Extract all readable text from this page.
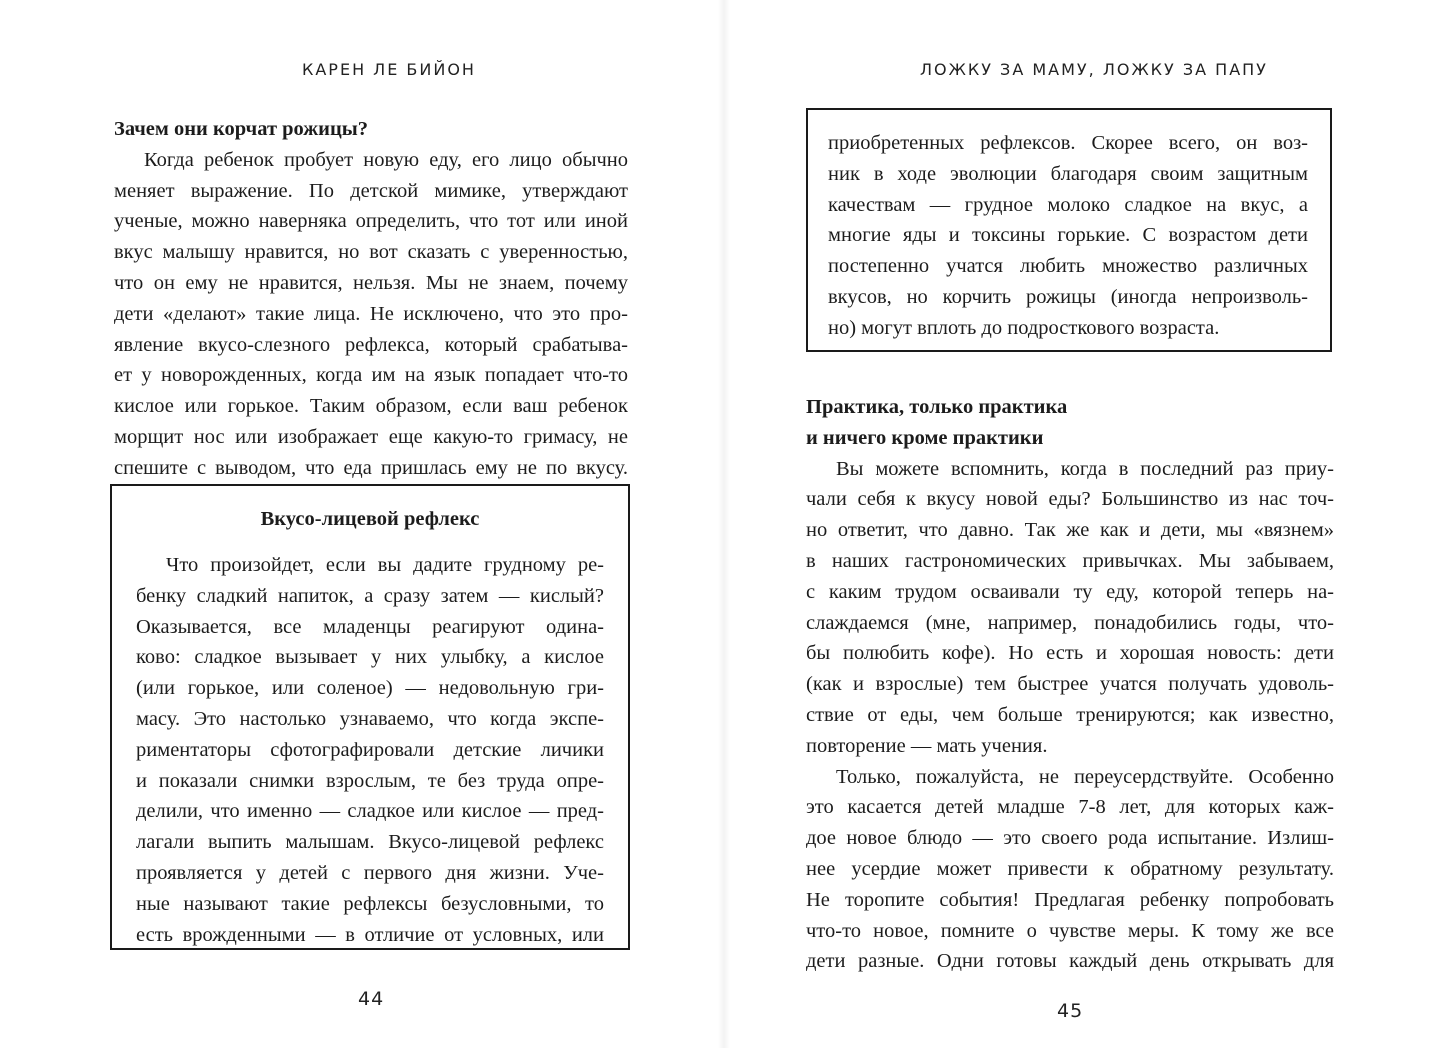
КАРЕН ЛЕ БИЙОН
Зачем они корчат рожицы?
Когда ребенок пробует новую еду, его лицо обычно
меняет выражение. По детской мимике, утверждают
ученые, можно наверняка определить, что тот или иной
вкус малышу нравится, но вот сказать с уверенностью,
что он ему не нравится, нельзя. Мы не знаем, почему
дети «делают» такие лица. Не исключено, что это про-
явление вкусо-слезного рефлекса, который срабатыва-
ет у новорожденных, когда им на язык попадает что-то
кислое или горькое. Таким образом, если ваш ребенок
морщит нос или изображает еще какую-то гримасу, не
спешите с выводом, что еда пришлась ему не по вкусу.
Вкусо-лицевой рефлекс
Что произойдет, если вы дадите грудному ре-
бенку сладкий напиток, а сразу затем — кислый?
Оказывается, все младенцы реагируют одина-
ково: сладкое вызывает у них улыбку, а кислое
(или горькое, или соленое) — недовольную гри-
масу. Это настолько узнаваемо, что когда экспе-
риментаторы сфотографировали детские личики
и показали снимки взрослым, те без труда опре-
делили, что именно — сладкое или кислое — пред-
лагали выпить малышам. Вкусо-лицевой рефлекс
проявляется у детей с первого дня жизни. Уче-
ные называют такие рефлексы безусловными, то
есть врожденными — в отличие от условных, или
44
ЛОЖКУ ЗА МАМУ, ЛОЖКУ ЗА ПАПУ
приобретенных рефлексов. Скорее всего, он воз-
ник в ходе эволюции благодаря своим защитным
качествам — грудное молоко сладкое на вкус, а
многие яды и токсины горькие. С возрастом дети
постепенно учатся любить множество различных
вкусов, но корчить рожицы (иногда непроизволь-
но) могут вплоть до подросткового возраста.
Практика, только практика
и ничего кроме практики
Вы можете вспомнить, когда в последний раз приу-
чали себя к вкусу новой еды? Большинство из нас точ-
но ответит, что давно. Так же как и дети, мы «вязнем»
в наших гастрономических привычках. Мы забываем,
с каким трудом осваивали ту еду, которой теперь на-
слаждаемся (мне, например, понадобились годы, что-
бы полюбить кофе). Но есть и хорошая новость: дети
(как и взрослые) тем быстрее учатся получать удоволь-
ствие от еды, чем больше тренируются; как известно,
повторение — мать учения.
Только, пожалуйста, не переусердствуйте. Особенно
это касается детей младше 7-8 лет, для которых каж-
дое новое блюдо — это своего рода испытание. Излиш-
нее усердие может привести к обратному результату.
Не торопите события! Предлагая ребенку попробовать
что-то новое, помните о чувстве меры. К тому же все
дети разные. Одни готовы каждый день открывать для
45
